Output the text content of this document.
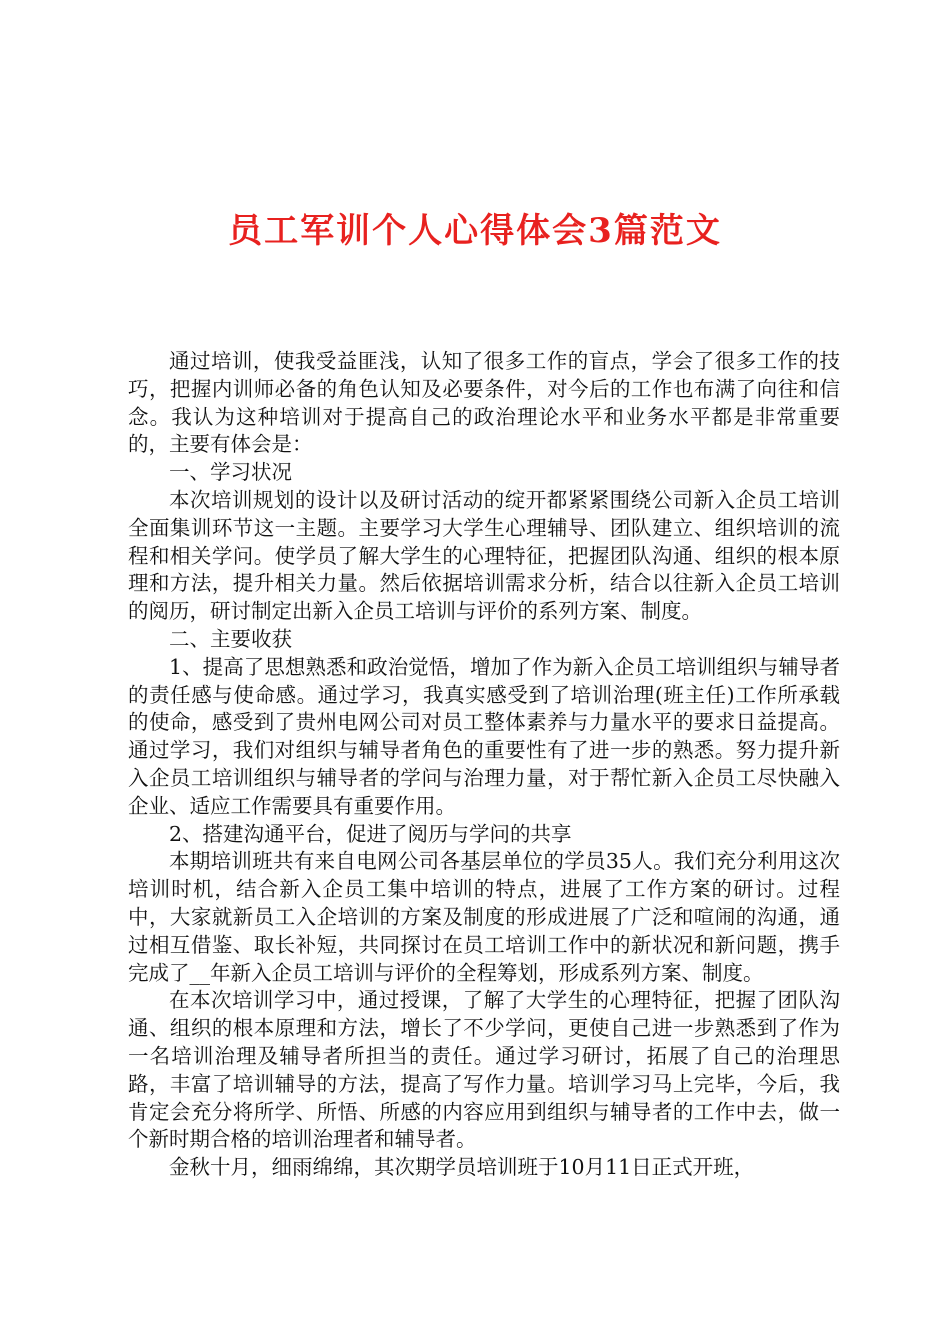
员工军训个人心得体会3篇范文

通过培训，使我受益匪浅，认知了很多工作的盲点，学会了很多工作的技巧，把握内训师必备的角色认知及必要条件，对今后的工作也布满了向往和信念。我认为这种培训对于提高自己的政治理论水平和业务水平都是非常重要的，主要有体会是：

一、学习状况

本次培训规划的设计以及研讨活动的绽开都紧紧围绕公司新入企员工培训全面集训环节这一主题。主要学习大学生心理辅导、团队建立、组织培训的流程和相关学问。使学员了解大学生的心理特征，把握团队沟通、组织的根本原理和方法，提升相关力量。然后依据培训需求分析，结合以往新入企员工培训的阅历，研讨制定出新入企员工培训与评价的系列方案、制度。

二、主要收获

1、提高了思想熟悉和政治觉悟，增加了作为新入企员工培训组织与辅导者的责任感与使命感。通过学习，我真实感受到了培训治理(班主任)工作所承载的使命，感受到了贵州电网公司对员工整体素养与力量水平的要求日益提高。通过学习，我们对组织与辅导者角色的重要性有了进一步的熟悉。努力提升新入企员工培训组织与辅导者的学问与治理力量，对于帮忙新入企员工尽快融入企业、适应工作需要具有重要作用。

2、搭建沟通平台，促进了阅历与学问的共享

本期培训班共有来自电网公司各基层单位的学员35人。我们充分利用这次培训时机，结合新入企员工集中培训的特点，进展了工作方案的研讨。过程中，大家就新员工入企培训的方案及制度的形成进展了广泛和喧闹的沟通，通过相互借鉴、取长补短，共同探讨在员工培训工作中的新状况和新问题，携手完成了__年新入企员工培训与评价的全程筹划，形成系列方案、制度。

在本次培训学习中，通过授课，了解了大学生的心理特征，把握了团队沟通、组织的根本原理和方法，增长了不少学问，更使自己进一步熟悉到了作为一名培训治理及辅导者所担当的责任。通过学习研讨，拓展了自己的治理思路，丰富了培训辅导的方法，提高了写作力量。培训学习马上完毕，今后，我肯定会充分将所学、所悟、所感的内容应用到组织与辅导者的工作中去，做一个新时期合格的培训治理者和辅导者。

金秋十月，细雨绵绵，其次期学员培训班于10月11日正式开班，
